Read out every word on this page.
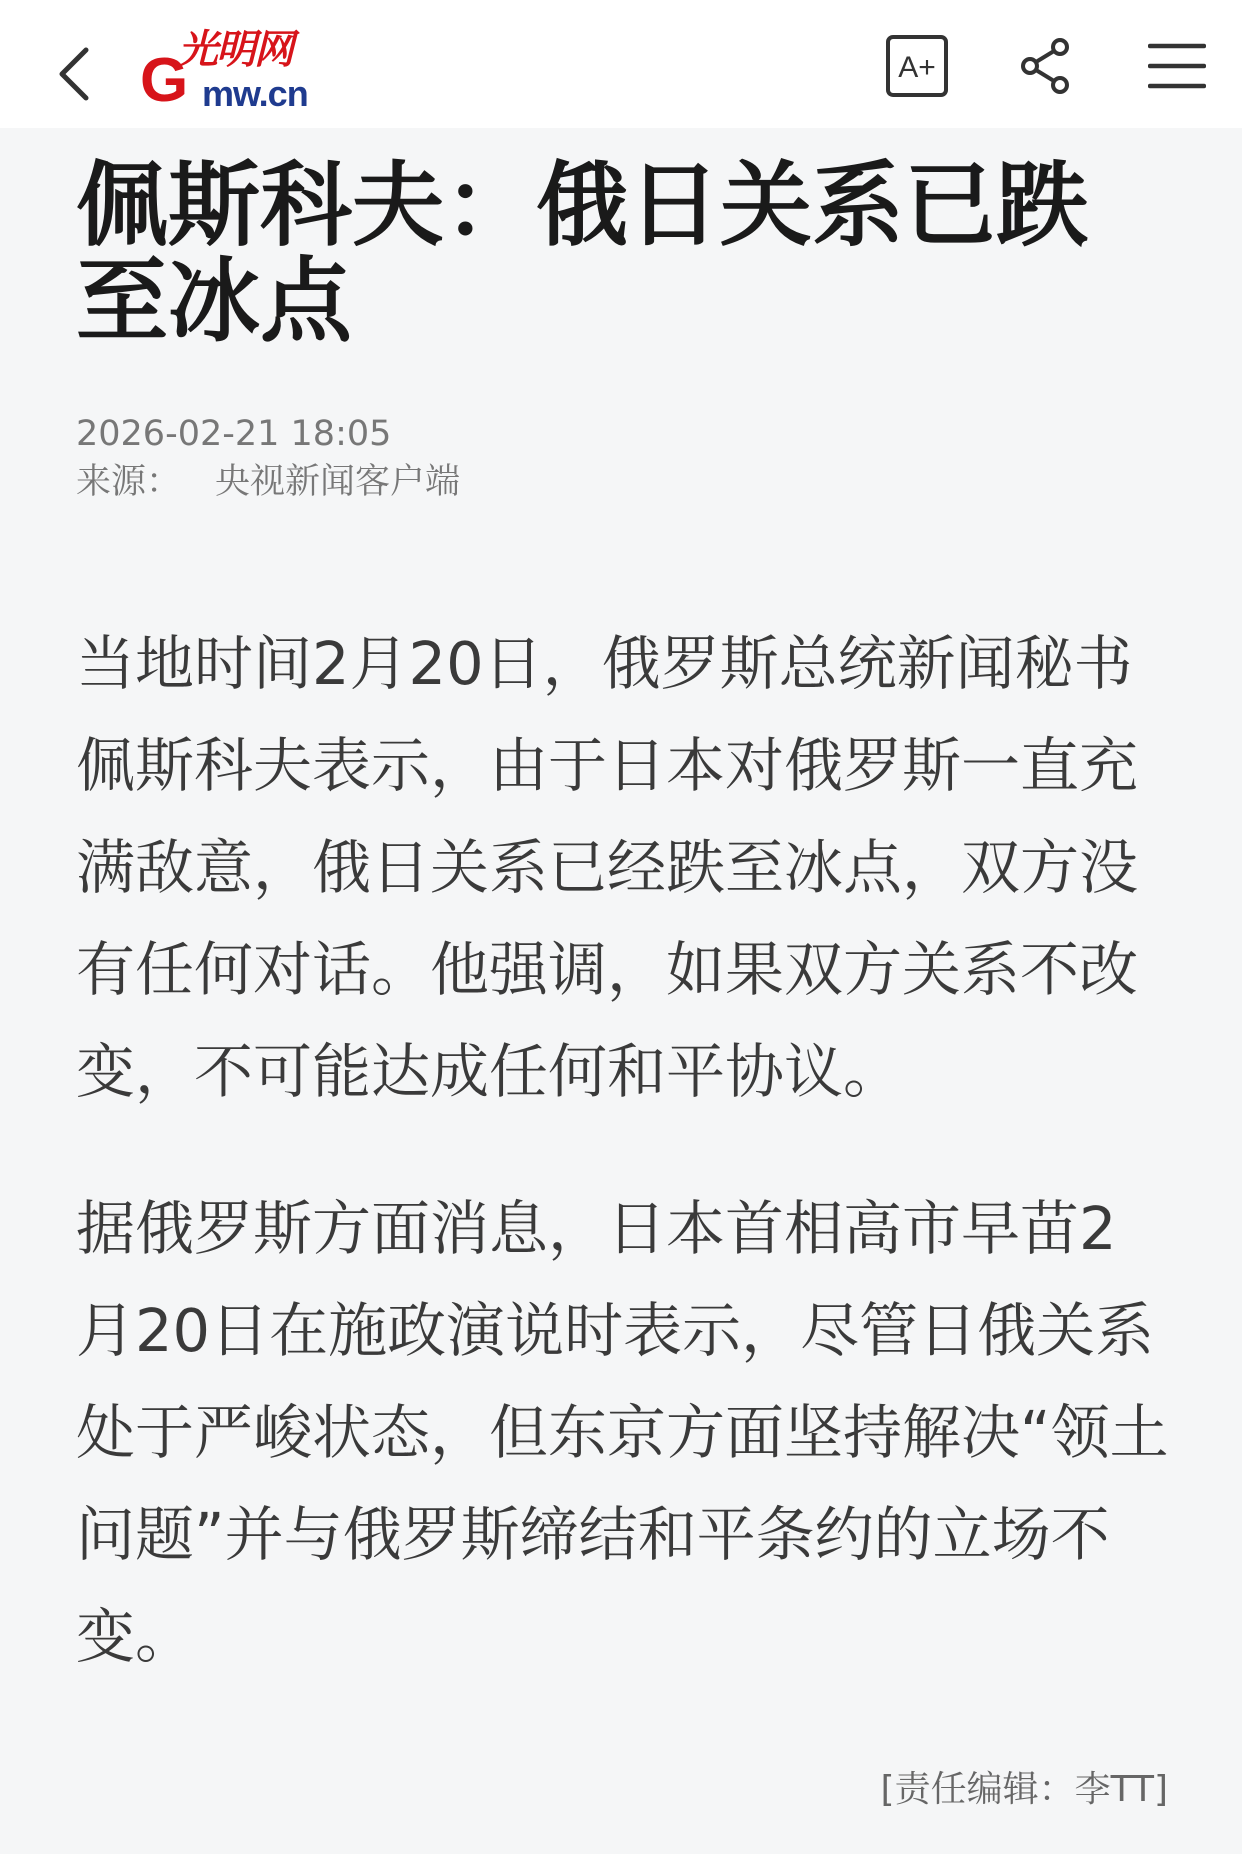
G
光明网
mw.cn
A+
佩斯科夫：俄日关系已跌至冰点
2026-02-21 18:05
来源： 央视新闻客户端

当地时间2月20日，俄罗斯总统新闻秘书佩斯科夫表示，由于日本对俄罗斯一直充满敌意，俄日关系已经跌至冰点，双方没有任何对话。他强调，如果双方关系不改变，不可能达成任何和平协议。

据俄罗斯方面消息，日本首相高市早苗2月20日在施政演说时表示，尽管日俄关系处于严峻状态，但东京方面坚持解决“领土问题”并与俄罗斯缔结和平条约的立场不变。

[责任编辑：李TT]
